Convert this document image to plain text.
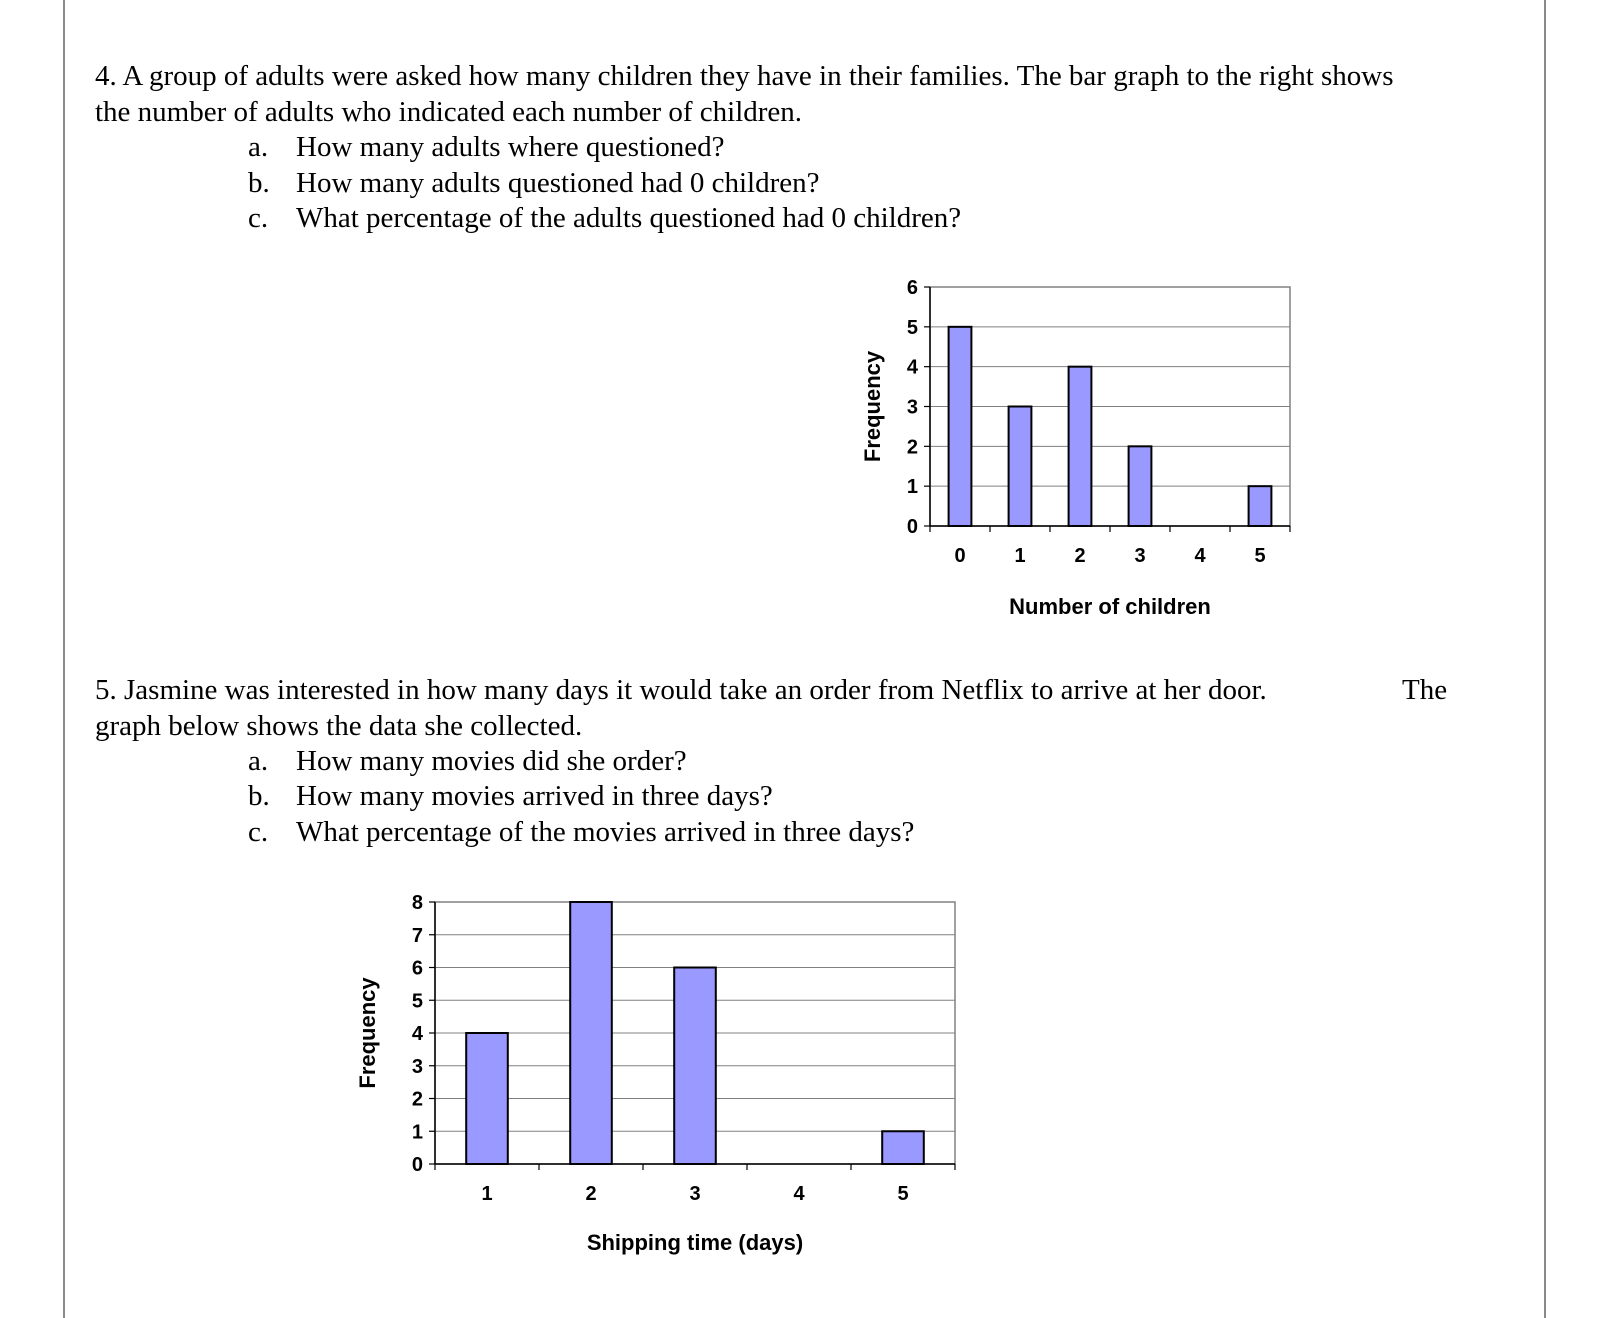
4. A group of adults were asked how many children they have in their families. The bar graph to the right shows
the number of adults who indicated each number of children.
a. How many adults where questioned?
b. How many adults questioned had 0 children?
c. What percentage of the adults questioned had 0 children?
0
1
2
3
4
5
6
0 1 2 3 4 5
Number of children
Frequency
5. Jasmine was interested in how many days it would take an order from Netflix to arrive at her door.	The
graph below shows the data she collected.
a. How many movies did she order?
b. How many movies arrived in three days?
c. What percentage of the movies arrived in three days?
0
1
2
3
4
5
6
7
8
1	2	3	4	5
Shipping time (days)
Frequency
